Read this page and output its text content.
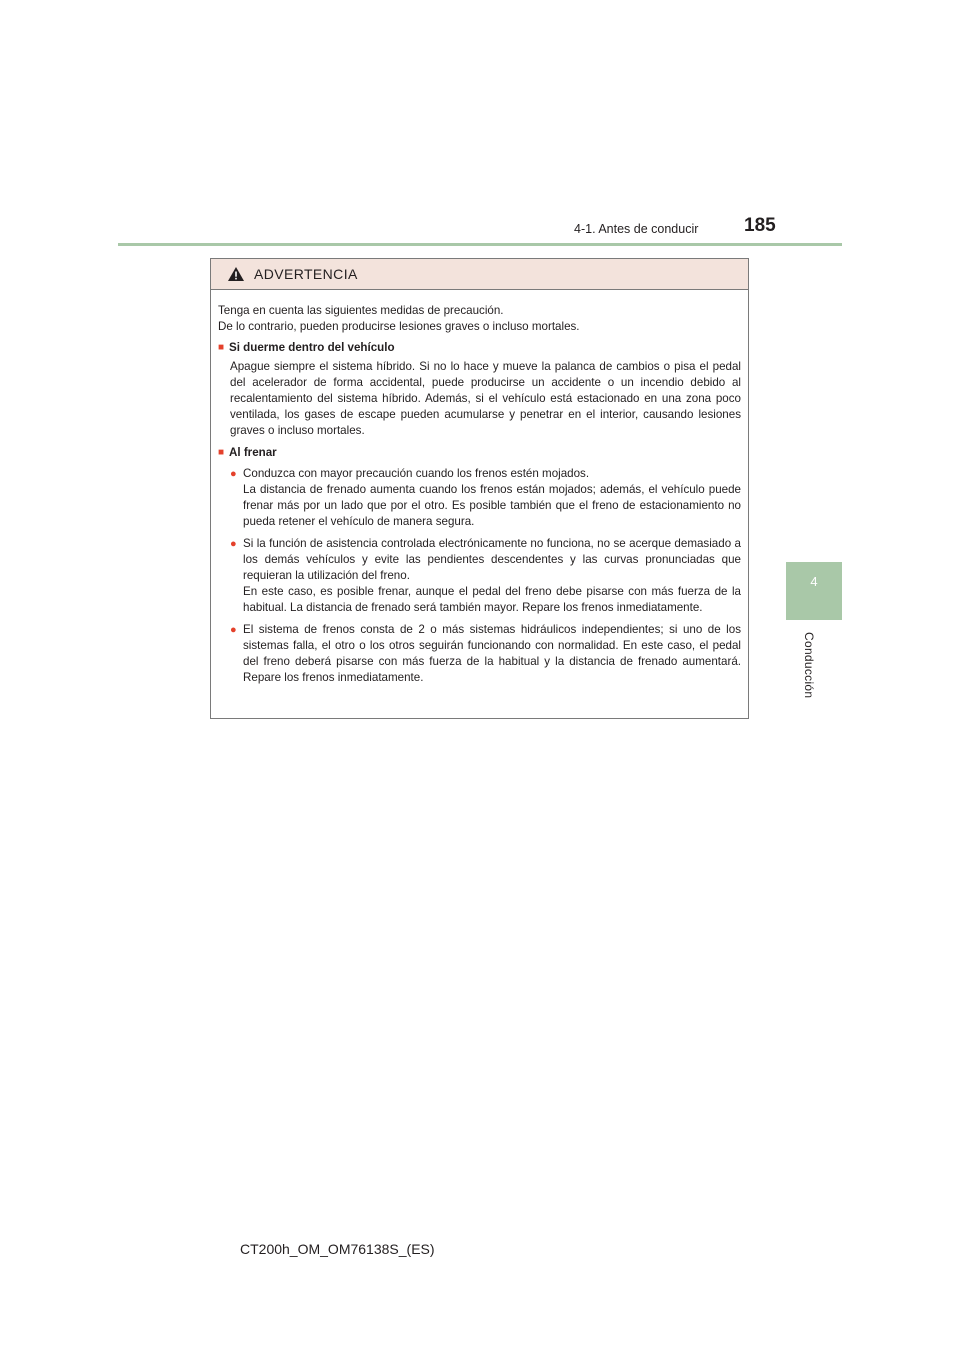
4-1. Antes de conducir 185
4
Conducción
ADVERTENCIA

Tenga en cuenta las siguientes medidas de precaución.

De lo contrario, pueden producirse lesiones graves o incluso mortales.

■ Si duerme dentro del vehículo

Apague siempre el sistema híbrido. Si no lo hace y mueve la palanca de cambios o pisa el pedal del acelerador de forma accidental, puede producirse un accidente o un incendio debido al recalentamiento del sistema híbrido. Además, si el vehículo está estacionado en una zona poco ventilada, los gases de escape pueden acumularse y penetrar en el interior, causando lesiones graves o incluso mortales.

■ Al frenar
● Conduzca con mayor precaución cuando los frenos estén mojados.

La distancia de frenado aumenta cuando los frenos están mojados; además, el vehículo puede frenar más por un lado que por el otro. Es posible también que el freno de estacionamiento no pueda retener el vehículo de manera segura.

● Si la función de asistencia controlada electrónicamente no funciona, no se acerque demasiado a los demás vehículos y evite las pendientes descendentes y las curvas pronunciadas que requieran la utilización del freno.

En este caso, es posible frenar, aunque el pedal del freno debe pisarse con más fuerza de la habitual. La distancia de frenado será también mayor. Repare los frenos inmediatamente.

● El sistema de frenos consta de 2 o más sistemas hidráulicos independientes; si uno de los sistemas falla, el otro o los otros seguirán funcionando con normalidad. En este caso, el pedal del freno deberá pisarse con más fuerza de la habitual y la distancia de frenado aumentará. Repare los frenos inmediatamente.

CT200h_OM_OM76138S_(ES)
